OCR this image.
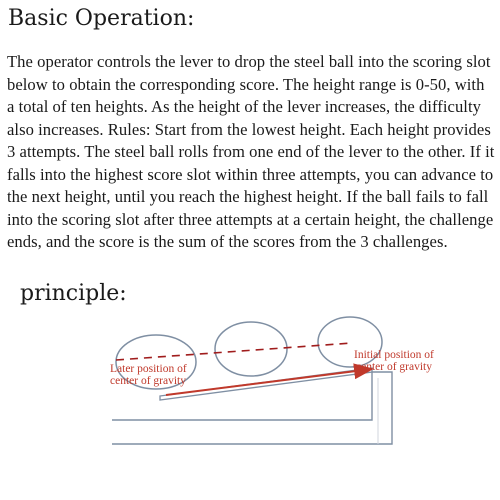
Basic Operation:
The operator controls the lever to drop the steel ball into the scoring slot below to obtain the corresponding score. The height range is 0-50, with a total of ten heights. As the height of the lever increases, the difficulty also increases. Rules: Start from the lowest height. Each height provides 3 attempts. The steel ball rolls from one end of the lever to the other. If it falls into the highest score slot within three attempts, you can advance to the next height, until you reach the highest height. If the ball fails to fall into the scoring slot after three attempts at a certain height, the challenge ends, and the score is the sum of the scores from the 3 challenges.
principle:
Later position of
center of gravity
Initial position of
center of gravity
